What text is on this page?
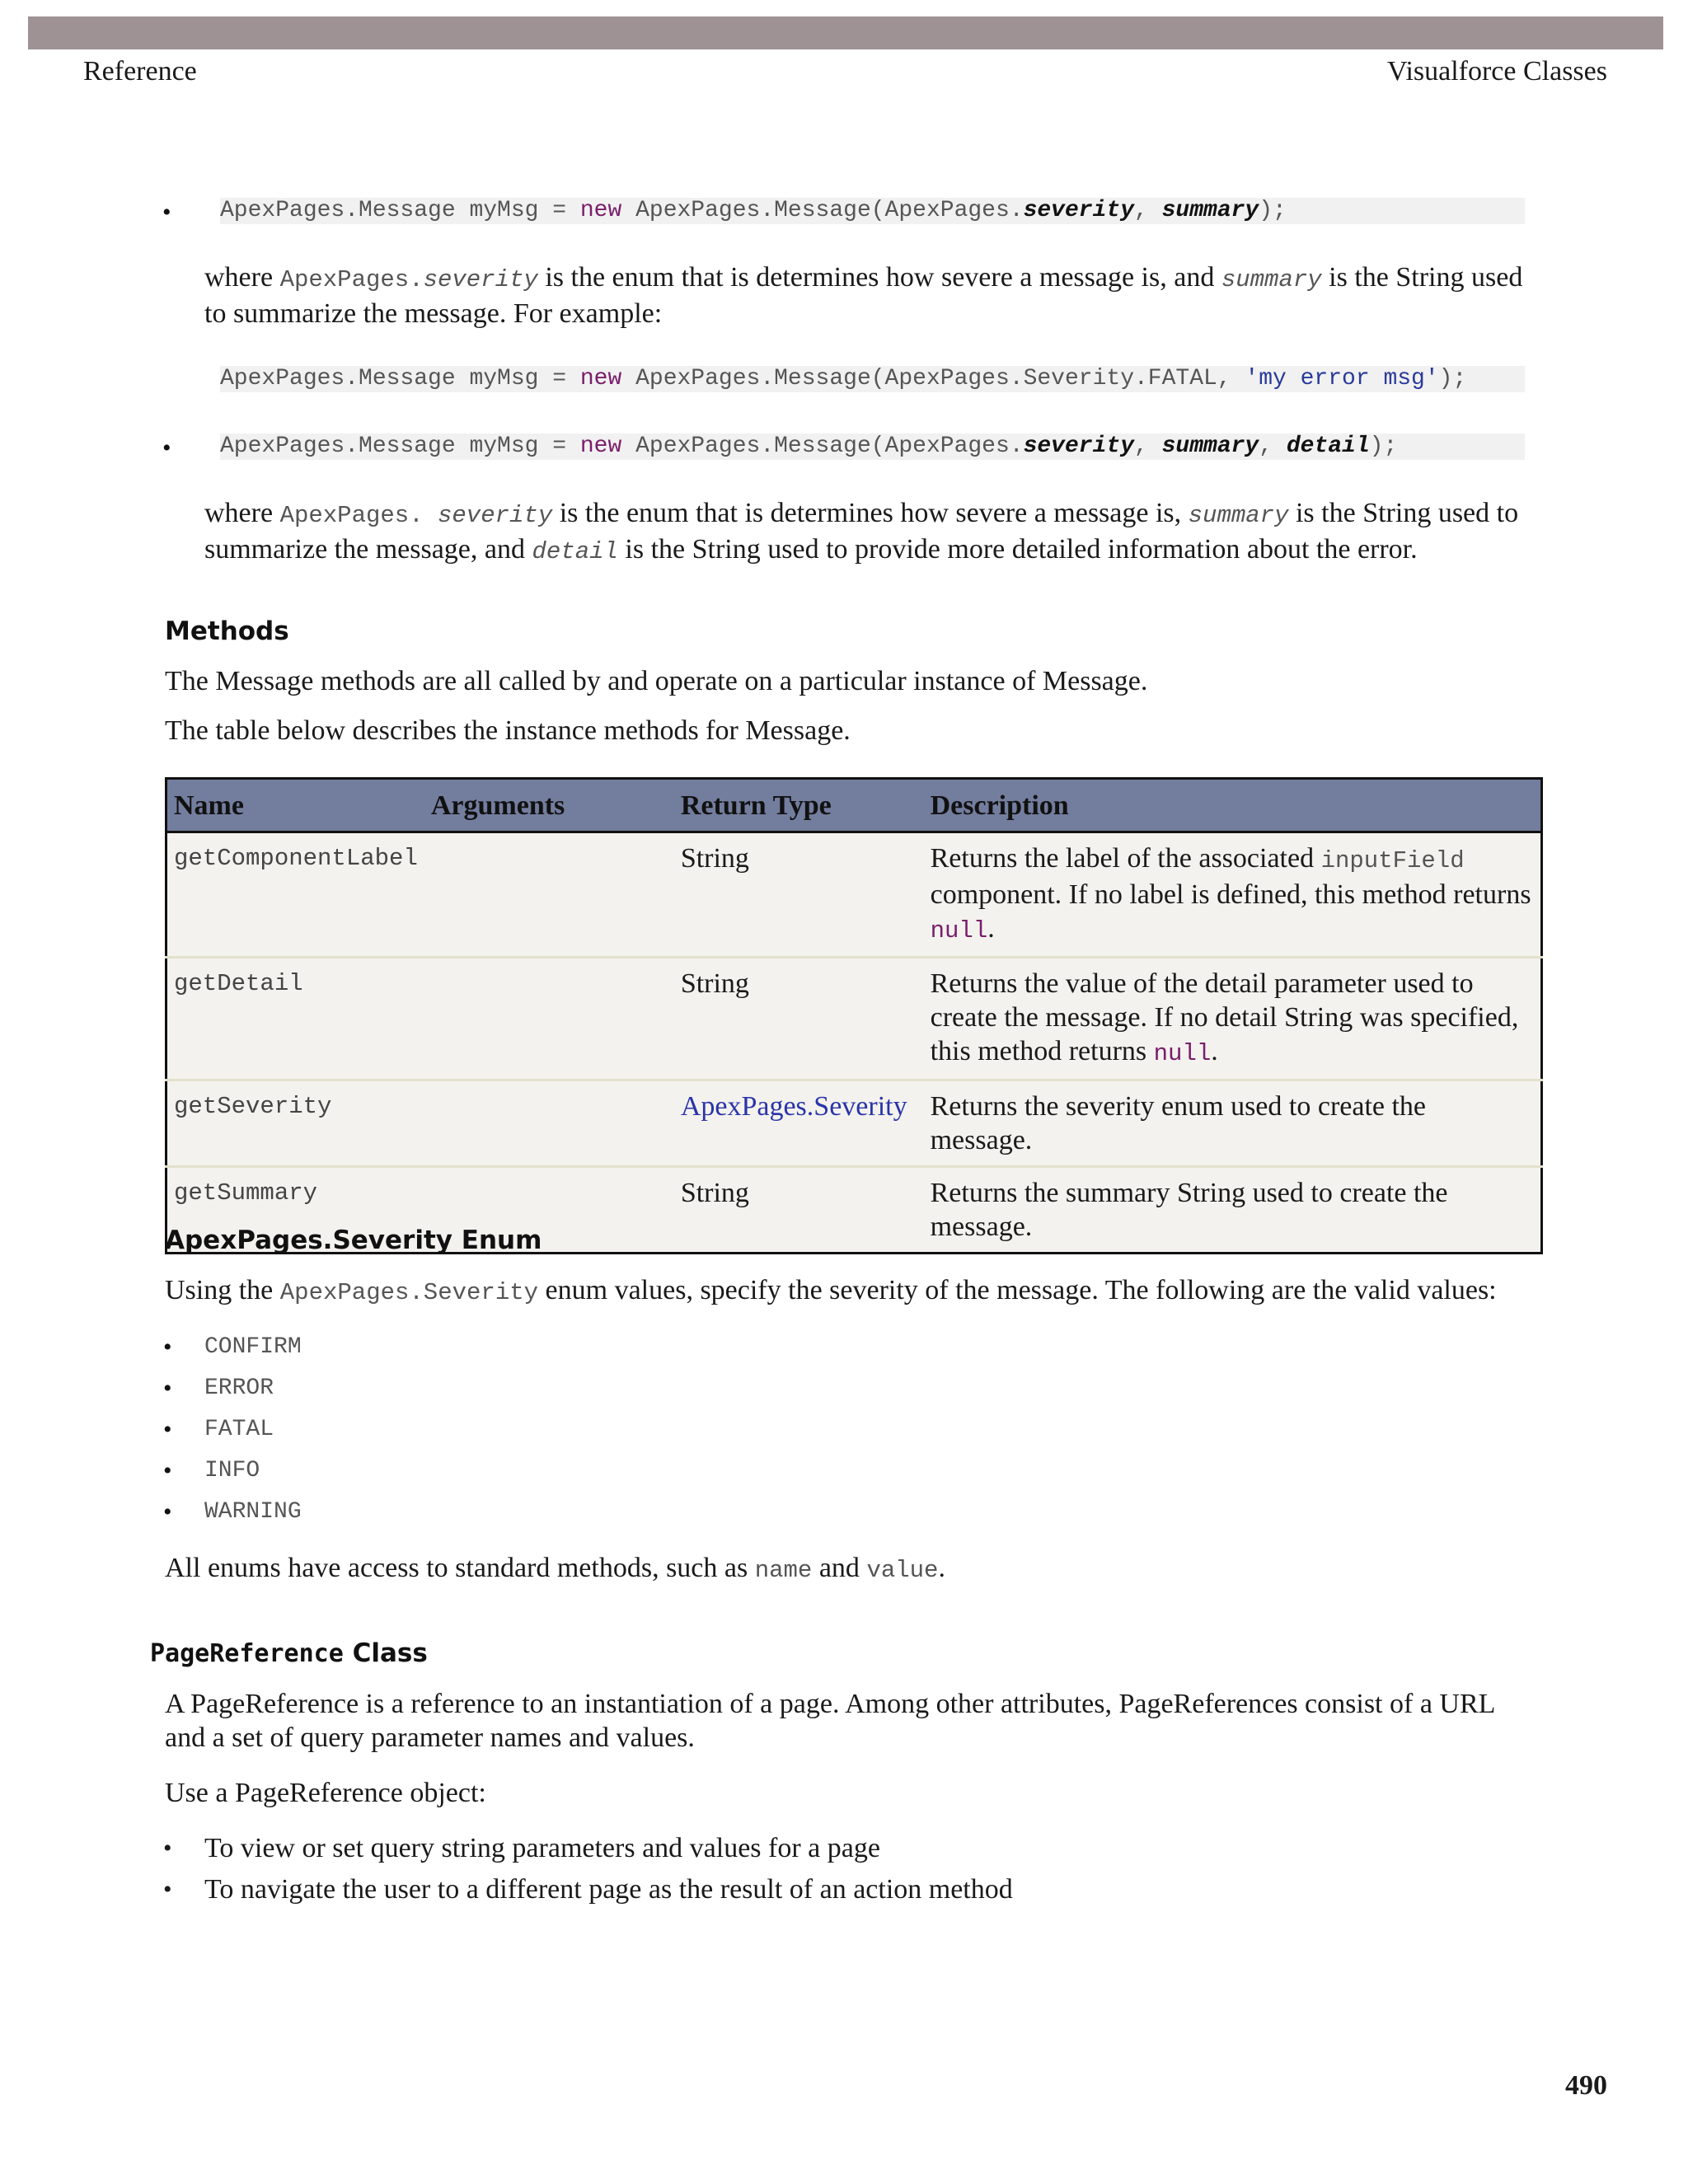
Reference	Visualforce Classes
• ApexPages.Message myMsg = new ApexPages.Message(ApexPages.severity, summary);
where ApexPages.severity is the enum that is determines how severe a message is, and summary is the String used to summarize the message. For example:
ApexPages.Message myMsg = new ApexPages.Message(ApexPages.Severity.FATAL, 'my error msg');
• ApexPages.Message myMsg = new ApexPages.Message(ApexPages.severity, summary, detail);
where ApexPages. severity is the enum that is determines how severe a message is, summary is the String used to summarize the message, and detail is the String used to provide more detailed information about the error.
Methods
The Message methods are all called by and operate on a particular instance of Message.
The table below describes the instance methods for Message.
Name	Arguments	Return Type	Description
getComponentLabel		String	Returns the label of the associated inputField component. If no label is defined, this method returns null.
getDetail		String	Returns the value of the detail parameter used to create the message. If no detail String was specified, this method returns null.
getSeverity		ApexPages.Severity	Returns the severity enum used to create the message.
getSummary		String	Returns the summary String used to create the message.
ApexPages.Severity Enum
Using the ApexPages.Severity enum values, specify the severity of the message. The following are the valid values:
• CONFIRM
• ERROR
• FATAL
• INFO
• WARNING
All enums have access to standard methods, such as name and value.
PageReference Class
A PageReference is a reference to an instantiation of a page. Among other attributes, PageReferences consist of a URL and a set of query parameter names and values.
Use a PageReference object:
• To view or set query string parameters and values for a page
• To navigate the user to a different page as the result of an action method
490
